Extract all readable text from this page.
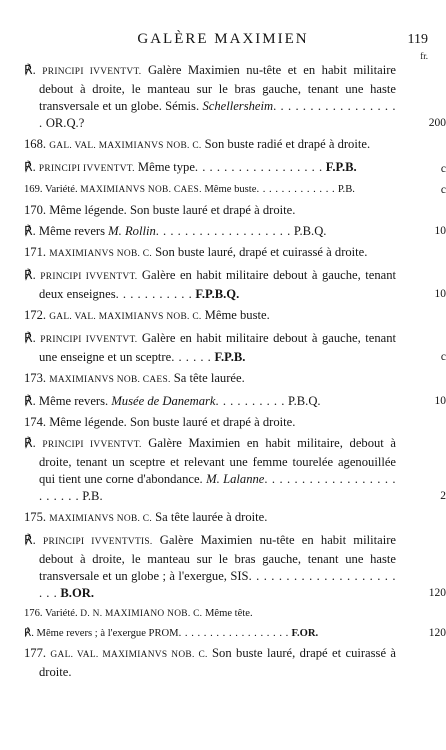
GALÈRE MAXIMIEN	119
fr.
℟. PRINCIPI IVVENTVT. Galère Maximien nu-tête et en habit militaire debout à droite, le manteau sur le bras gauche, tenant une haste transversale et un globe. Sémis. Schellersheim. . . . . . . . . . . . . . . . . . OR.Q.?	200
168. GAL. VAL. MAXIMIANVS NOB. C. Son buste radié et drapé à droite.
℟. PRINCIPI IVVENTVT. Même type. . . . . . . . . . . . . . . . . . F.P.B.	c
169. Variété. MAXIMIANVS NOB. CAES. Même buste. . . . . . . . . . . . . P.B.	c
170. Même légende. Son buste lauré et drapé à droite.
℟. Même revers M. Rollin. . . . . . . . . . . . . . . . . . . P.B.Q.	10
171. MAXIMIANVS NOB. C. Son buste lauré, drapé et cuirassé à droite.
℟. PRINCIPI IVVENTVT. Galère en habit militaire debout à gauche, tenant deux enseignes. . . . . . . . . . . F.P.B.Q.	10
172. GAL. VAL. MAXIMIANVS NOB. C. Même buste.
℟. PRINCIPI IVVENTVT. Galère en habit militaire debout à gauche, tenant une enseigne et un sceptre. . . . . . F.P.B.	c
173. MAXIMIANVS NOB. CAES. Sa tête laurée.
℟. Même revers. Musée de Danemark. . . . . . . . . . P.B.Q.	10
174. Même légende. Son buste lauré et drapé à droite.
℟. PRINCIPI IVVENTVT. Galère Maximien en habit militaire, debout à droite, tenant un sceptre et relevant une femme tourelée agenouillée qui tient une corne d'abondance. M. Lalanne. . . . . . . . . . . . . . . . . . . . . . . . P.B.	2
175. MAXIMIANVS NOB. C. Sa tête laurée à droite.
℟. PRINCIPI IVVENTVTIS. Galère Maximien nu-tête en habit militaire debout à droite, le manteau sur le bras gauche, tenant une haste transversale et un globe ; à l'exergue, SIS. . . . . . . . . . . . . . . . . . . . . . . B.OR.	120
176. Variété. D. N. MAXIMIANO NOB. C. Même tête.
℟. Même revers ; à l'exergue PROM. . . . . . . . . . . . . . . . . . F.OR.	120
177. GAL. VAL. MAXIMIANVS NOB. C. Son buste lauré, drapé et cuirassé à droite.
